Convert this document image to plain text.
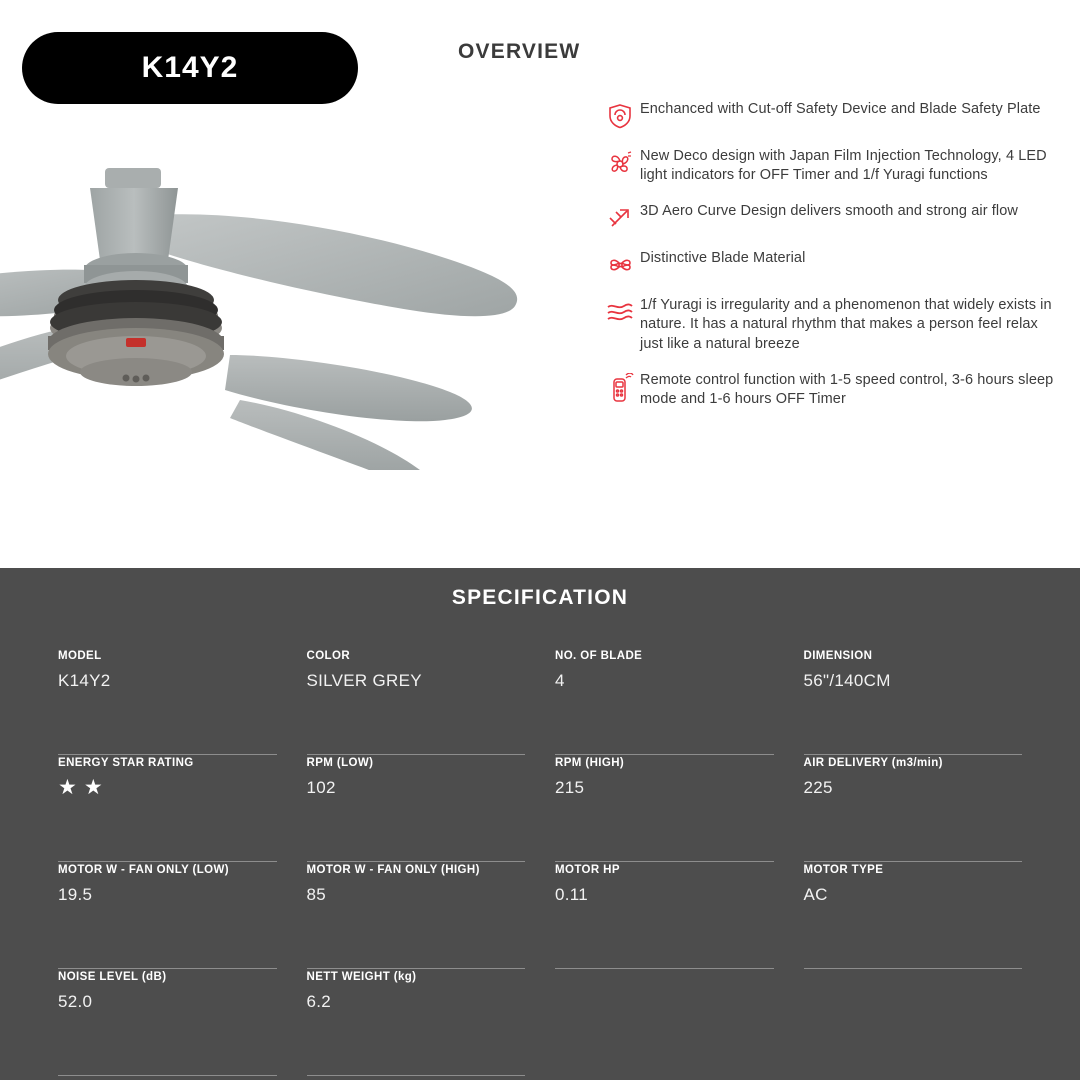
K14Y2	OVERVIEW
Enchanced with Cut-off Safety Device and Blade Safety Plate
New Deco design with Japan Film Injection Technology, 4 LED light indicators for OFF Timer and 1/f Yuragi functions
3D Aero Curve Design delivers smooth and strong air flow
Distinctive Blade Material
1/f Yuragi is irregularity and a phenomenon that widely exists in nature. It has a natural rhythm that makes a person feel relax just like a natural breeze
Remote control function with 1-5 speed control, 3-6 hours sleep mode and 1-6 hours OFF Timer
SPECIFICATION
MODEL
K14Y2
COLOR
SILVER GREY
NO. OF BLADE
4
DIMENSION
56"/140CM
ENERGY STAR RATING
★ ★
RPM (LOW)
102
RPM (HIGH)
215
AIR DELIVERY (m3/min)
225
MOTOR W - FAN ONLY (LOW)
19.5
MOTOR W - FAN ONLY (HIGH)
85
MOTOR HP
0.11
MOTOR TYPE
AC
NOISE LEVEL (dB)
52.0
NETT WEIGHT (kg)
6.2
